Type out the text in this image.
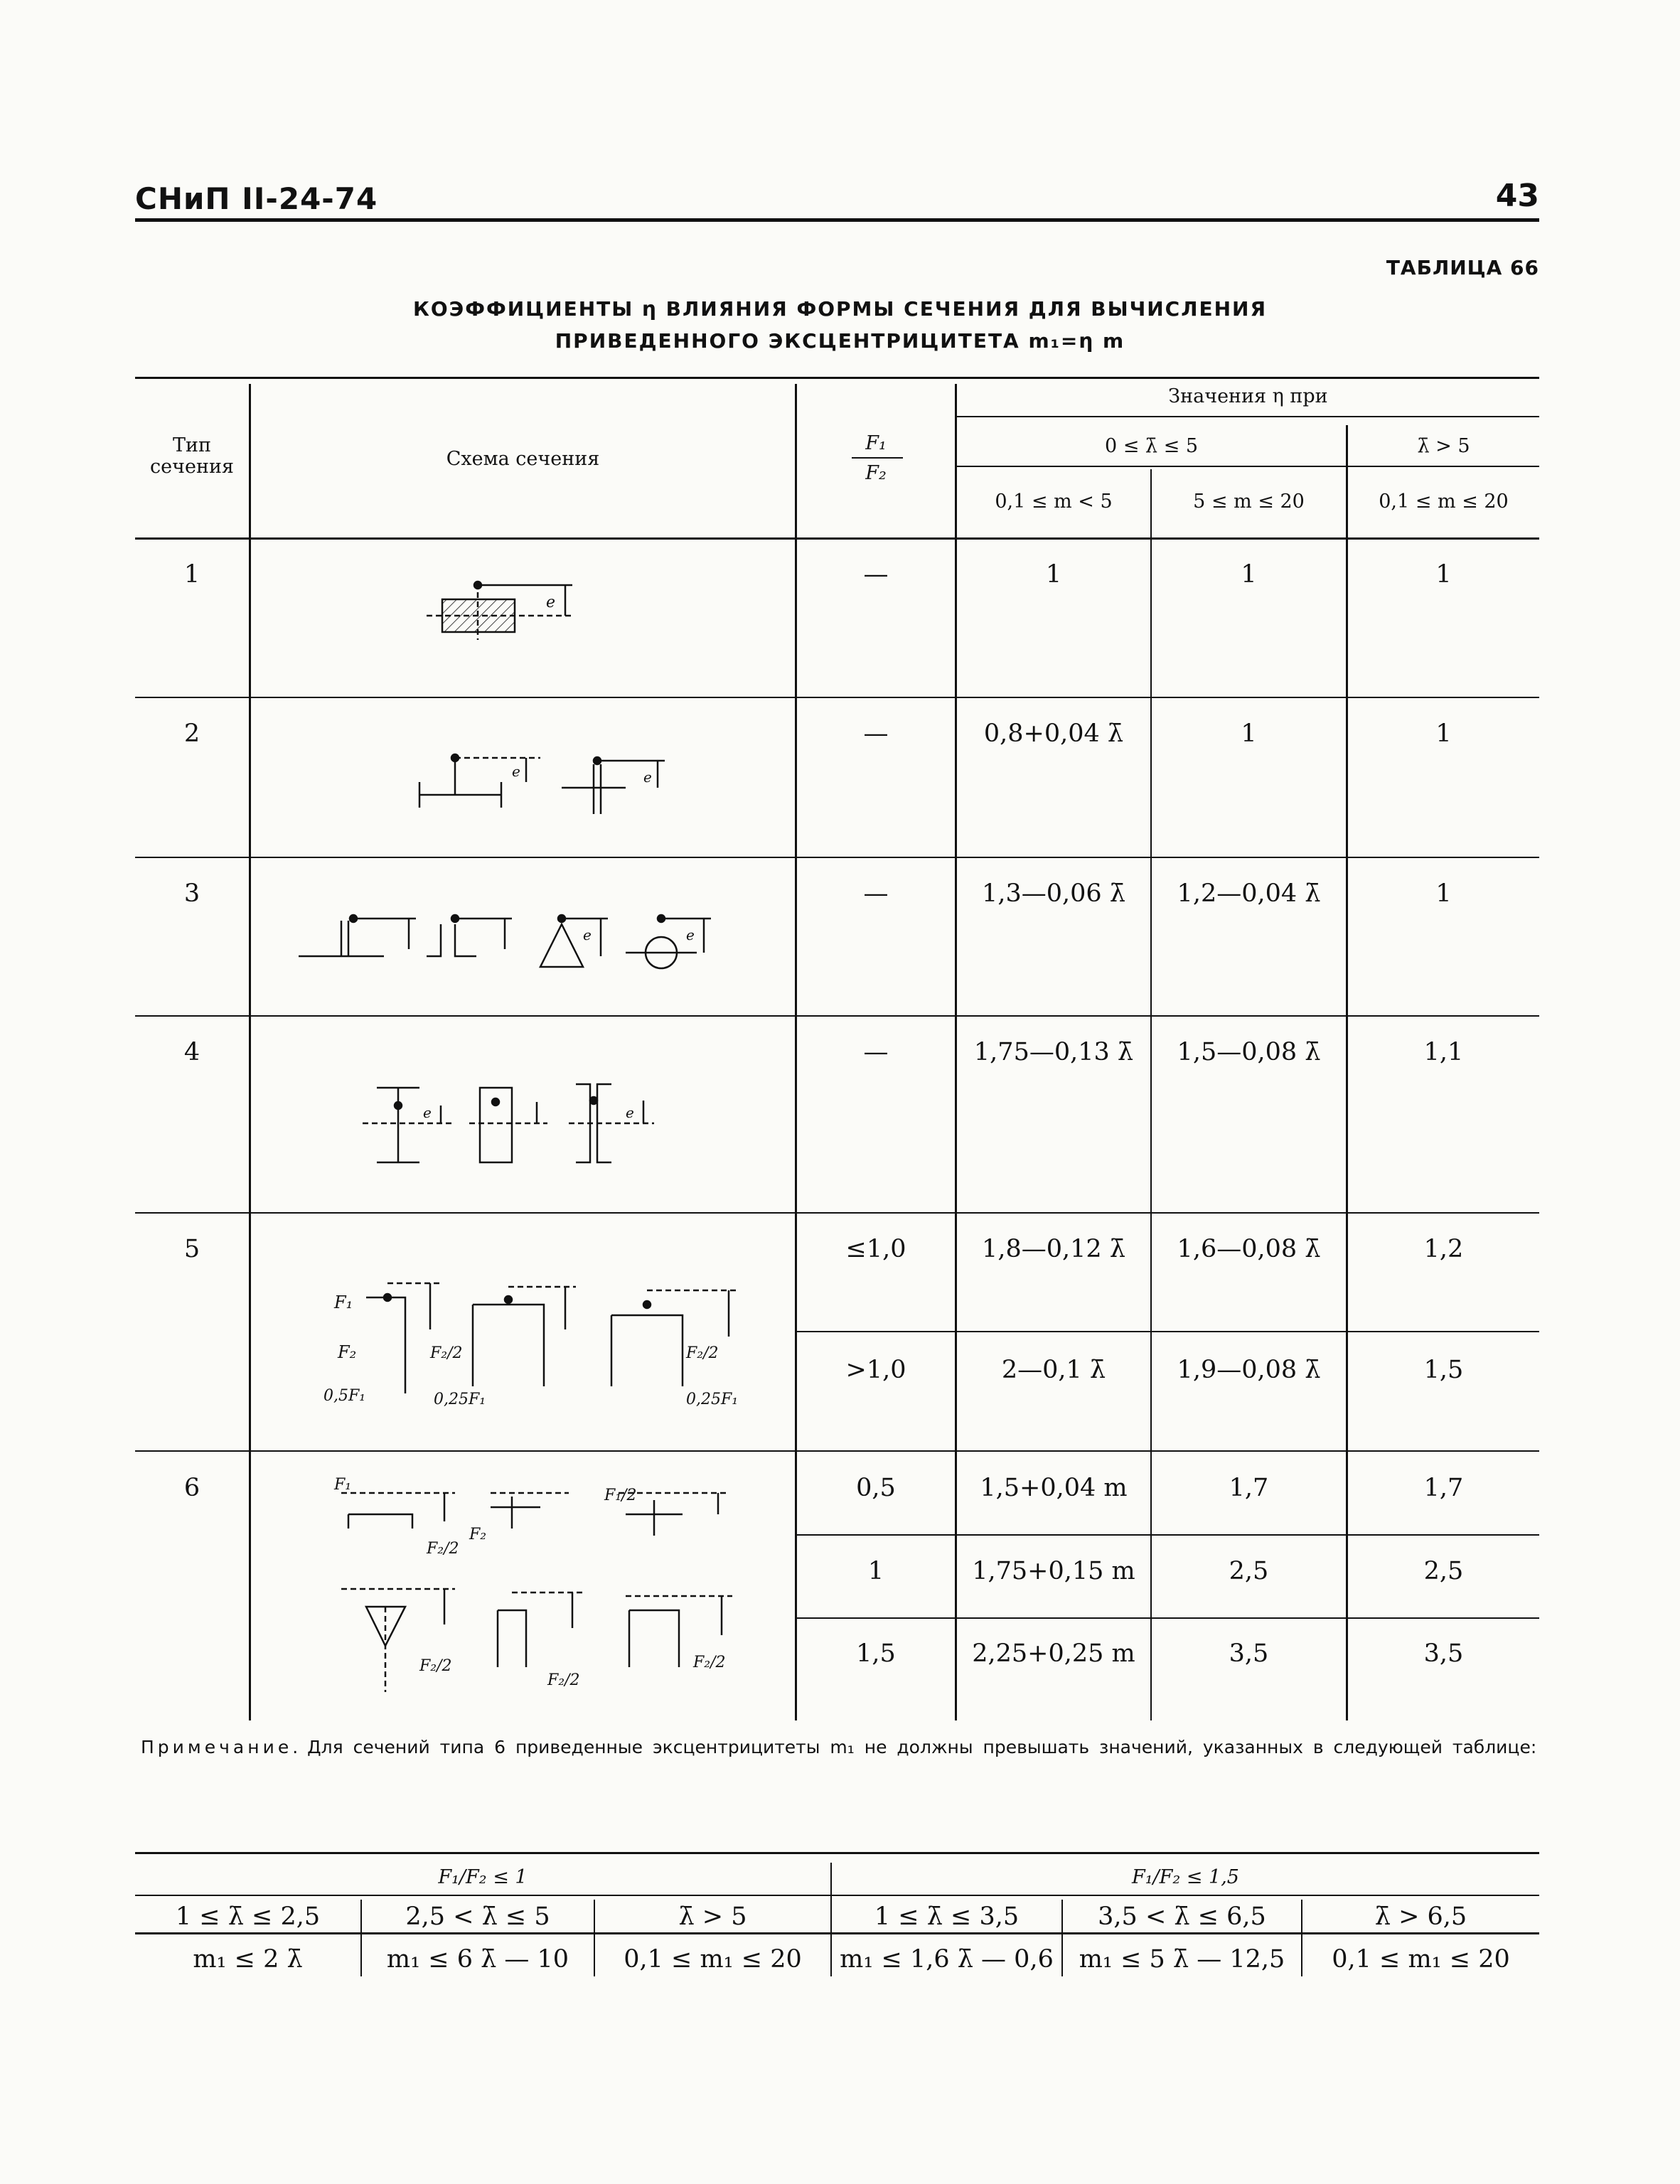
СНиП II-24-74	43
ТАБЛИЦА 66
КОЭФФИЦИЕНТЫ η ВЛИЯНИЯ ФОРМЫ СЕЧЕНИЯ ДЛЯ ВЫЧИСЛЕНИЯ
ПРИВЕДЕННОГО ЭКСЦЕНТРИЦИТЕТА m₁=η m
Тип сечения	Схема сечения
F₁
F₂
Значения η при
0 ≤ λ̄ ≤ 5	λ̄ > 5
0,1 ≤ m < 5	5 ≤ m ≤ 20	0,1 ≤ m ≤ 20
1	—	1	1	1
2	—	0,8+0,04 λ̄	1	1
3	—	1,3—0,06 λ̄	1,2—0,04 λ̄	1
4	—	1,75—0,13 λ̄	1,5—0,08 λ̄	1,1
5	≤1,0	1,8—0,12 λ̄	1,6—0,08 λ̄	1,2
>1,0	2—0,1 λ̄	1,9—0,08 λ̄	1,5
6	0,5	1,5+0,04 m	1,7	1,7
1	1,75+0,15 m	2,5	2,5
1,5	2,25+0,25 m	3,5	3,5
e
e	e
e	e
e	e
F₁
F₂
0,5F₁
F₂/2
0,25F₁
F₂/2
0,25F₁
F₁
F₂/2
F₂
F₁/2
F₂/2
F₂/2
F₂/2
Примечание. Для сечений типа 6 приведенные эксцентрицитеты m₁ не должны превышать значений, указанных в следующей таблице:
F₁/F₂ ≤ 1	F₁/F₂ ≤ 1,5
1 ≤ λ̄ ≤ 2,5	2,5 < λ̄ ≤ 5	λ̄ > 5	1 ≤ λ̄ ≤ 3,5	3,5 < λ̄ ≤ 6,5	λ̄ > 6,5
m₁ ≤ 2 λ̄	m₁ ≤ 6 λ̄ — 10	0,1 ≤ m₁ ≤ 20	m₁ ≤ 1,6 λ̄ — 0,6	m₁ ≤ 5 λ̄ — 12,5	0,1 ≤ m₁ ≤ 20
